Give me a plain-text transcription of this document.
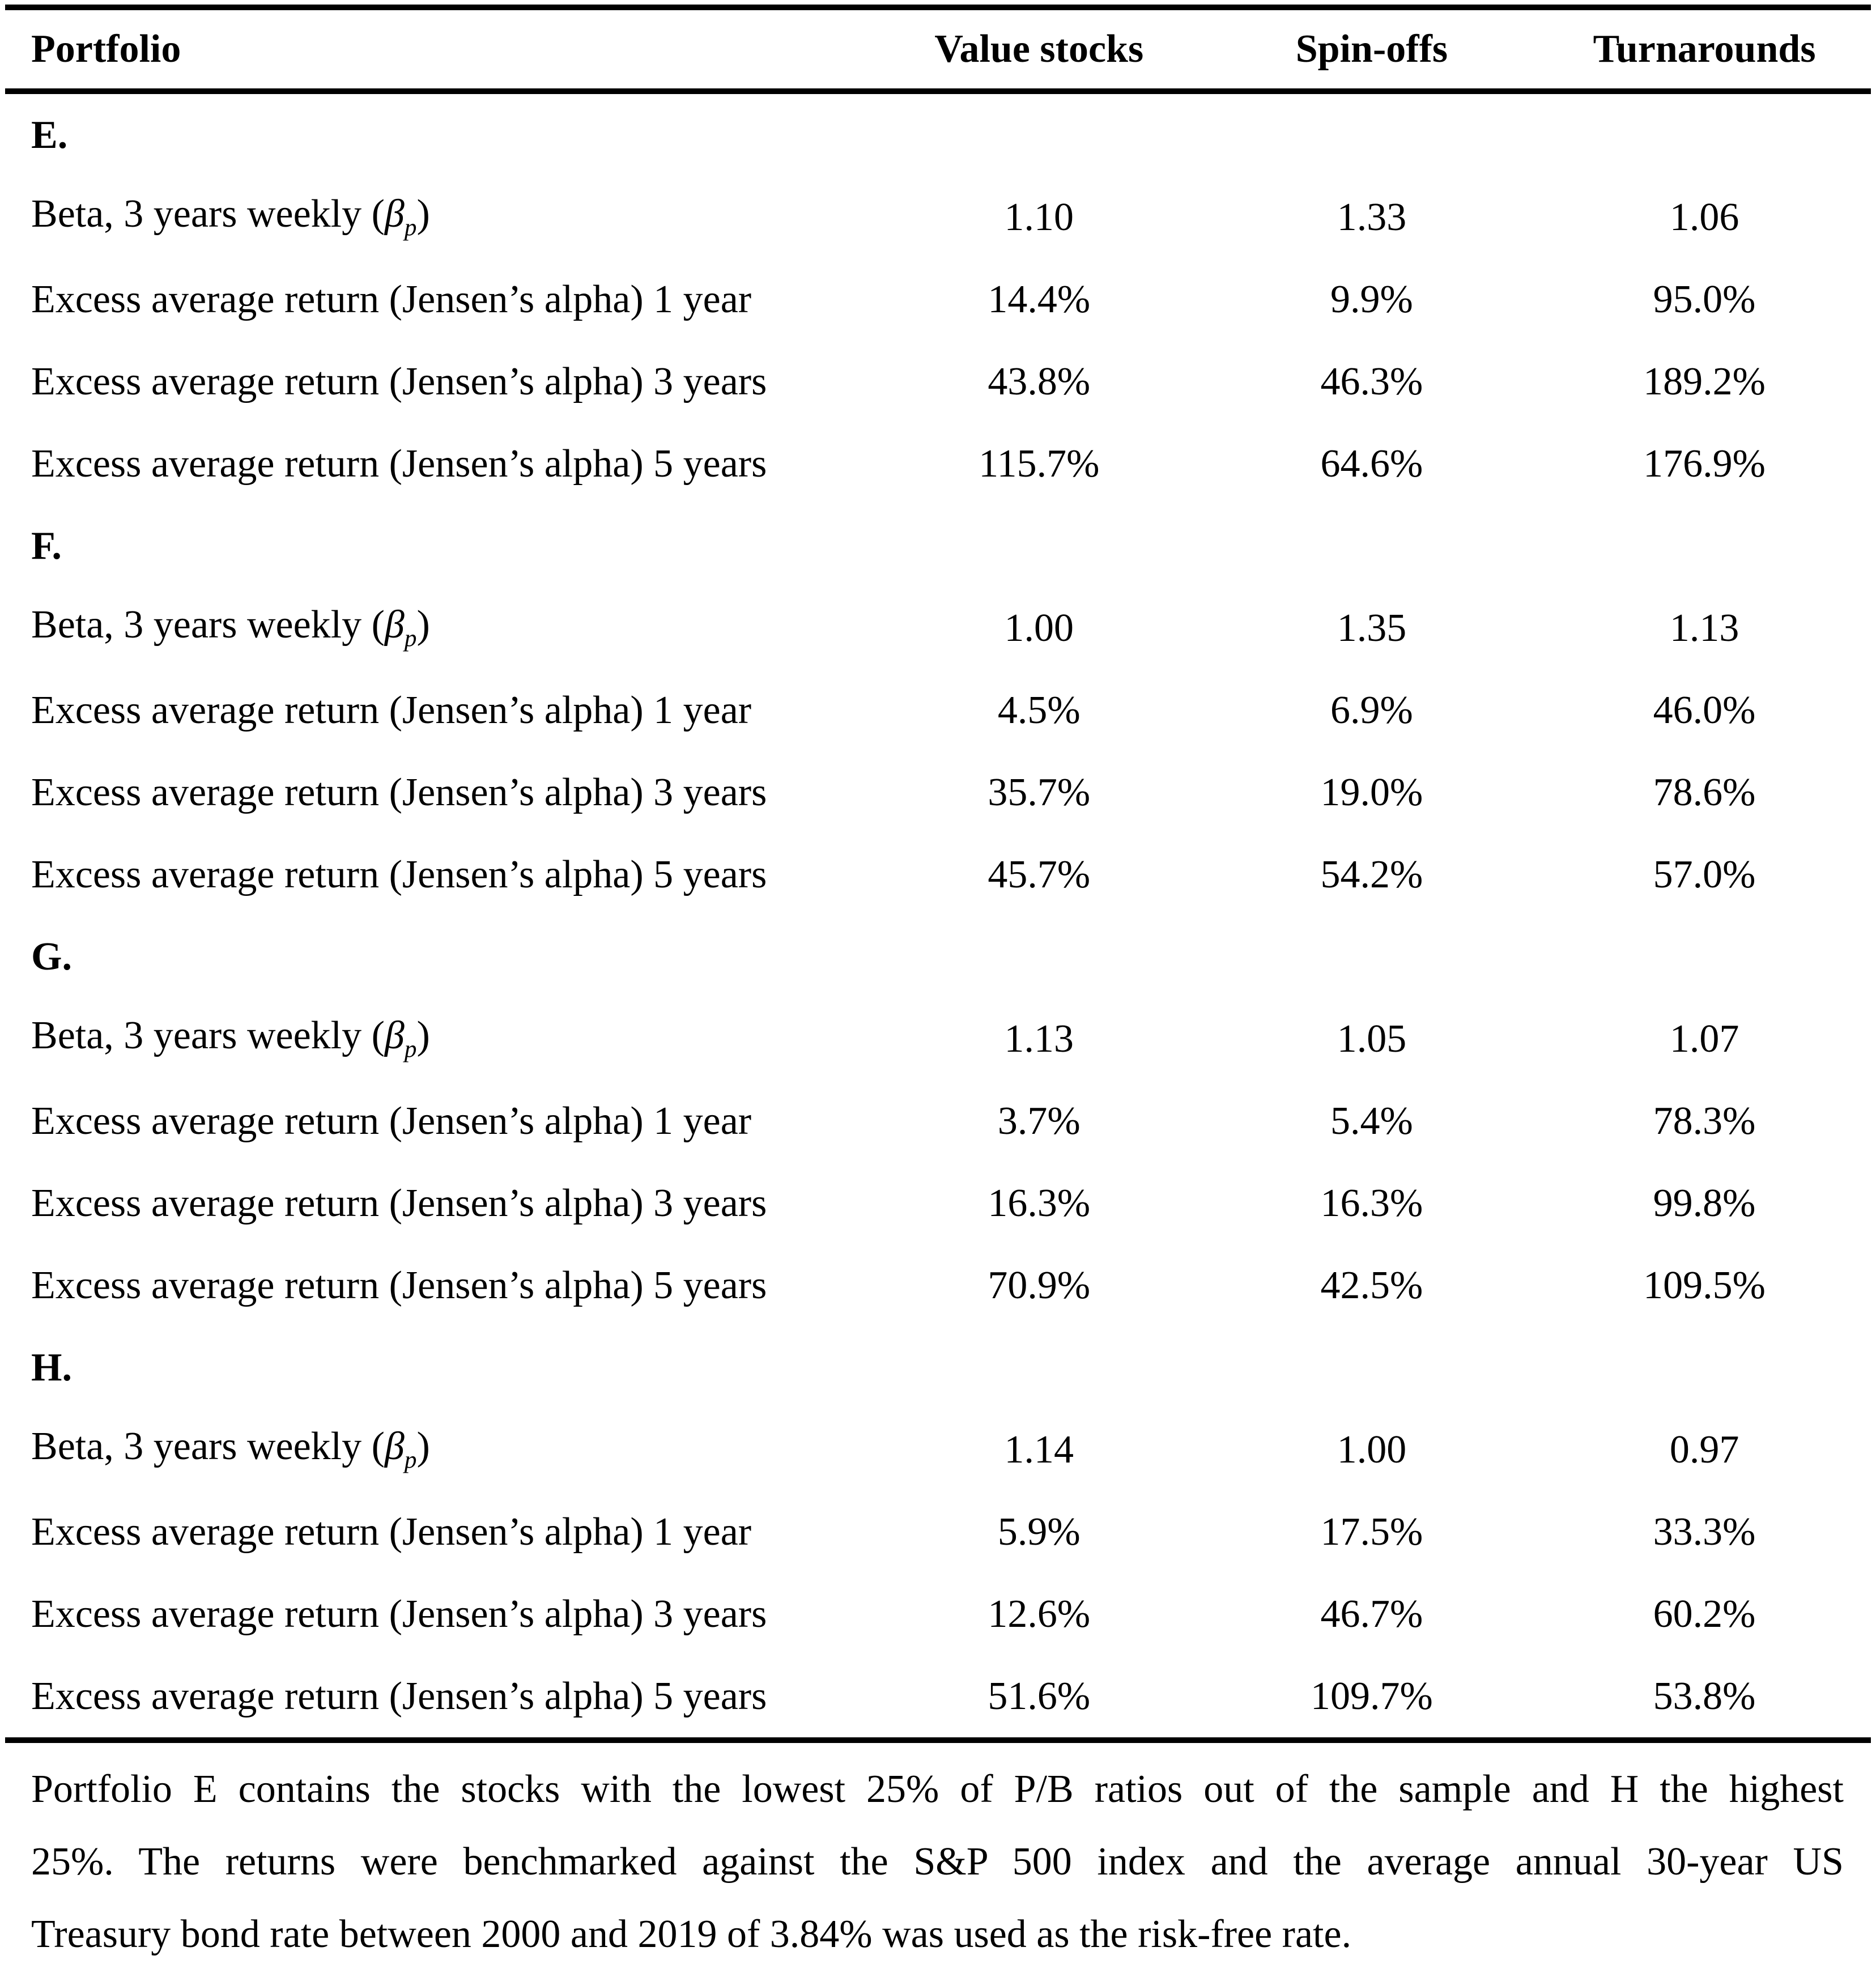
Portfolio	Value stocks	Spin-offs	Turnarounds
E.
Beta, 3 years weekly $(\beta_p)$	1.10	1.33	1.06
Excess average return (Jensen’s alpha) 1 year	14.4%	9.9%	95.0%
Excess average return (Jensen’s alpha) 3 years	43.8%	46.3%	189.2%
Excess average return (Jensen’s alpha) 5 years	115.7%	64.6%	176.9%
F.
Beta, 3 years weekly $(\beta_p)$	1.00	1.35	1.13
Excess average return (Jensen’s alpha) 1 year	4.5%	6.9%	46.0%
Excess average return (Jensen’s alpha) 3 years	35.7%	19.0%	78.6%
Excess average return (Jensen’s alpha) 5 years	45.7%	54.2%	57.0%
G.
Beta, 3 years weekly $(\beta_p)$	1.13	1.05	1.07
Excess average return (Jensen’s alpha) 1 year	3.7%	5.4%	78.3%
Excess average return (Jensen’s alpha) 3 years	16.3%	16.3%	99.8%
Excess average return (Jensen’s alpha) 5 years	70.9%	42.5%	109.5%
H.
Beta, 3 years weekly $(\beta_p)$	1.14	1.00	0.97
Excess average return (Jensen’s alpha) 1 year	5.9%	17.5%	33.3%
Excess average return (Jensen’s alpha) 3 years	12.6%	46.7%	60.2%
Excess average return (Jensen’s alpha) 5 years	51.6%	109.7%	53.8%
Portfolio E contains the stocks with the lowest 25% of P/B ratios out of the sample and H the highest
25%. The returns were benchmarked against the S&P 500 index and the average annual 30-year US
Treasury bond rate between 2000 and 2019 of 3.84% was used as the risk-free rate.
